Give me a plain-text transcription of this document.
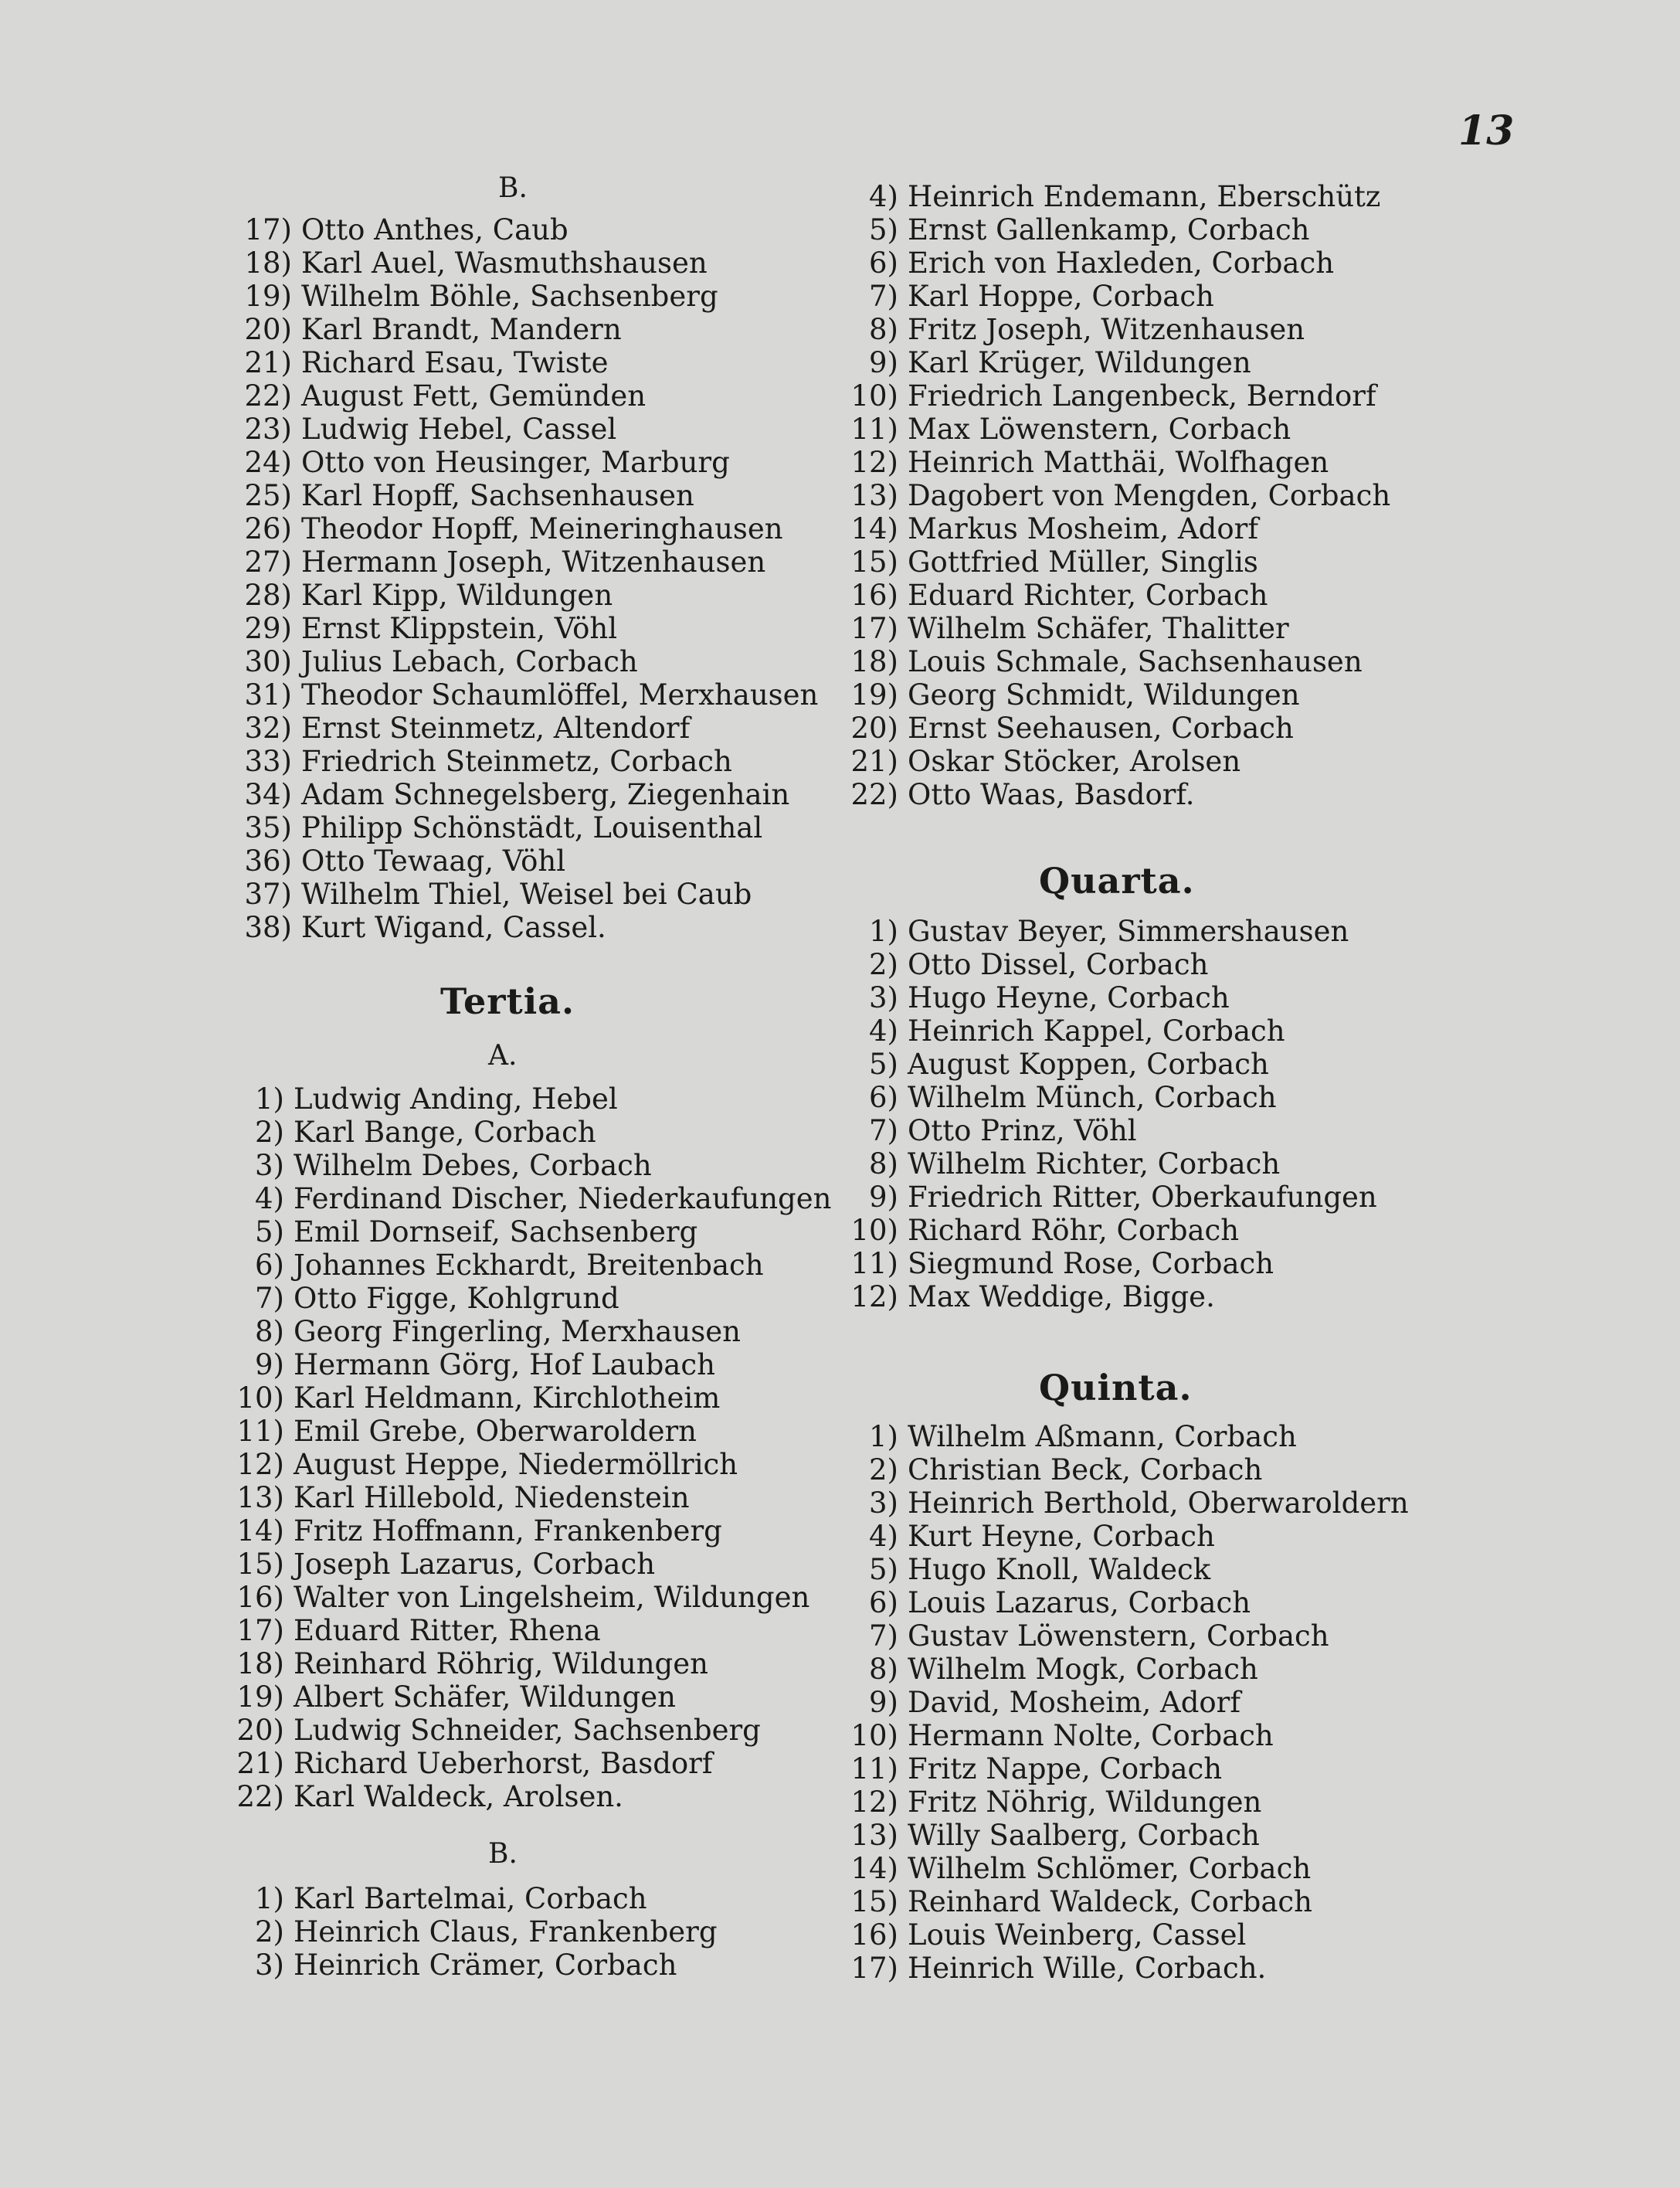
13
B.
17) Otto Anthes, Caub
18) Karl Auel, Wasmuthshausen
19) Wilhelm Böhle, Sachsenberg
20) Karl Brandt, Mandern
21) Richard Esau, Twiste
22) August Fett, Gemünden
23) Ludwig Hebel, Cassel
24) Otto von Heusinger, Marburg
25) Karl Hopff, Sachsenhausen
26) Theodor Hopff, Meineringhausen
27) Hermann Joseph, Witzenhausen
28) Karl Kipp, Wildungen
29) Ernst Klippstein, Vöhl
30) Julius Lebach, Corbach
31) Theodor Schaumlöffel, Merxhausen
32) Ernst Steinmetz, Altendorf
33) Friedrich Steinmetz, Corbach
34) Adam Schnegelsberg, Ziegenhain
35) Philipp Schönstädt, Louisenthal
36) Otto Tewaag, Vöhl
37) Wilhelm Thiel, Weisel bei Caub
38) Kurt Wigand, Cassel.
Tertia.
A.
1) Ludwig Anding, Hebel
2) Karl Bange, Corbach
3) Wilhelm Debes, Corbach
4) Ferdinand Discher, Niederkaufungen
5) Emil Dornseif, Sachsenberg
6) Johannes Eckhardt, Breitenbach
7) Otto Figge, Kohlgrund
8) Georg Fingerling, Merxhausen
9) Hermann Görg, Hof Laubach
10) Karl Heldmann, Kirchlotheim
11) Emil Grebe, Oberwaroldern
12) August Heppe, Niedermöllrich
13) Karl Hillebold, Niedenstein
14) Fritz Hoffmann, Frankenberg
15) Joseph Lazarus, Corbach
16) Walter von Lingelsheim, Wildungen
17) Eduard Ritter, Rhena
18) Reinhard Röhrig, Wildungen
19) Albert Schäfer, Wildungen
20) Ludwig Schneider, Sachsenberg
21) Richard Ueberhorst, Basdorf
22) Karl Waldeck, Arolsen.
B.
1) Karl Bartelmai, Corbach
2) Heinrich Claus, Frankenberg
3) Heinrich Crämer, Corbach
4) Heinrich Endemann, Eberschütz
5) Ernst Gallenkamp, Corbach
6) Erich von Haxleden, Corbach
7) Karl Hoppe, Corbach
8) Fritz Joseph, Witzenhausen
9) Karl Krüger, Wildungen
10) Friedrich Langenbeck, Berndorf
11) Max Löwenstern, Corbach
12) Heinrich Matthäi, Wolfhagen
13) Dagobert von Mengden, Corbach
14) Markus Mosheim, Adorf
15) Gottfried Müller, Singlis
16) Eduard Richter, Corbach
17) Wilhelm Schäfer, Thalitter
18) Louis Schmale, Sachsenhausen
19) Georg Schmidt, Wildungen
20) Ernst Seehausen, Corbach
21) Oskar Stöcker, Arolsen
22) Otto Waas, Basdorf.
Quarta.
1) Gustav Beyer, Simmershausen
2) Otto Dissel, Corbach
3) Hugo Heyne, Corbach
4) Heinrich Kappel, Corbach
5) August Koppen, Corbach
6) Wilhelm Münch, Corbach
7) Otto Prinz, Vöhl
8) Wilhelm Richter, Corbach
9) Friedrich Ritter, Oberkaufungen
10) Richard Röhr, Corbach
11) Siegmund Rose, Corbach
12) Max Weddige, Bigge.
Quinta.
1) Wilhelm Aßmann, Corbach
2) Christian Beck, Corbach
3) Heinrich Berthold, Oberwaroldern
4) Kurt Heyne, Corbach
5) Hugo Knoll, Waldeck
6) Louis Lazarus, Corbach
7) Gustav Löwenstern, Corbach
8) Wilhelm Mogk, Corbach
9) David, Mosheim, Adorf
10) Hermann Nolte, Corbach
11) Fritz Nappe, Corbach
12) Fritz Nöhrig, Wildungen
13) Willy Saalberg, Corbach
14) Wilhelm Schlömer, Corbach
15) Reinhard Waldeck, Corbach
16) Louis Weinberg, Cassel
17) Heinrich Wille, Corbach.
